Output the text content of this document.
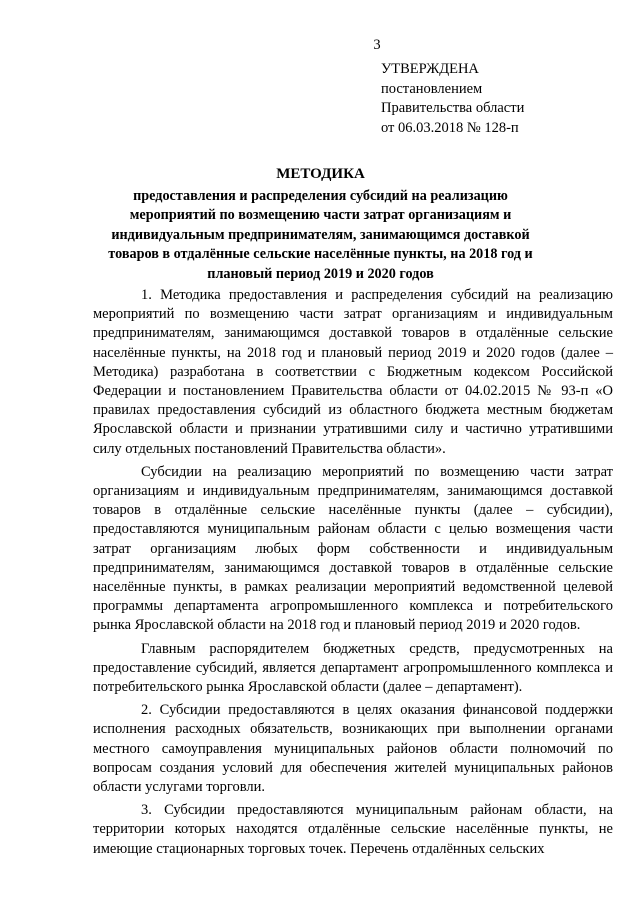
3
УТВЕРЖДЕНА
постановлением
Правительства области
от 06.03.2018 № 128-п
МЕТОДИКА
предоставления и распределения субсидий на реализацию мероприятий по возмещению части затрат организациям и индивидуальным предпринимателям, занимающимся доставкой товаров в отдалённые сельские населённые пункты, на 2018 год и плановый период 2019 и 2020 годов

1. Методика предоставления и распределения субсидий на реализацию мероприятий по возмещению части затрат организациям и индивидуальным предпринимателям, занимающимся доставкой товаров в отдалённые сельские населённые пункты, на 2018 год и плановый период 2019 и 2020 годов (далее – Методика) разработана в соответствии с Бюджетным кодексом Российской Федерации и постановлением Правительства области от 04.02.2015 № 93-п «О правилах предоставления субсидий из областного бюджета местным бюджетам Ярославской области и признании утратившими силу и частично утратившими силу отдельных постановлений Правительства области».

Субсидии на реализацию мероприятий по возмещению части затрат организациям и индивидуальным предпринимателям, занимающимся доставкой товаров в отдалённые сельские населённые пункты (далее – субсидии), предоставляются муниципальным районам области с целью возмещения части затрат организациям любых форм собственности и индивидуальным предпринимателям, занимающимся доставкой товаров в отдалённые сельские населённые пункты, в рамках реализации мероприятий ведомственной целевой программы департамента агропромышленного комплекса и потребительского рынка Ярославской области на 2018 год и плановый период 2019 и 2020 годов.

Главным распорядителем бюджетных средств, предусмотренных на предоставление субсидий, является департамент агропромышленного комплекса и потребительского рынка Ярославской области (далее – департамент).

2. Субсидии предоставляются в целях оказания финансовой поддержки исполнения расходных обязательств, возникающих при выполнении органами местного самоуправления муниципальных районов области полномочий по вопросам создания условий для обеспечения жителей муниципальных районов области услугами торговли.

3. Субсидии предоставляются муниципальным районам области, на территории которых находятся отдалённые сельские населённые пункты, не имеющие стационарных торговых точек. Перечень отдалённых сельских
